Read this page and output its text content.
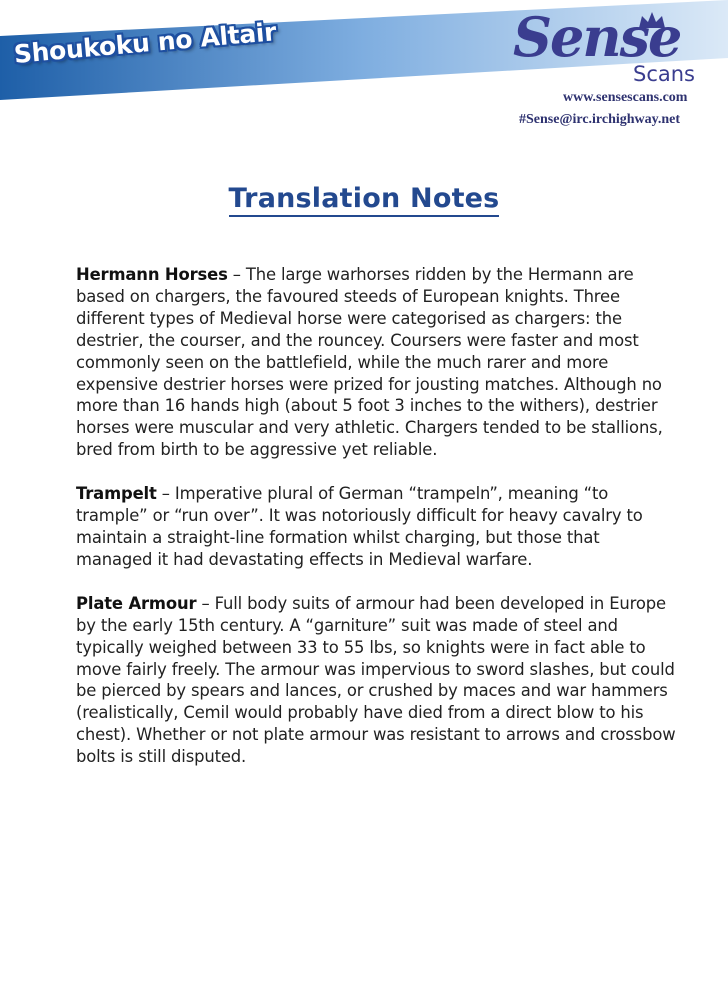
Shoukoku no Altair	Sense
Scans
www.sensescans.com
#Sense@irc.irchighway.net
Translation Notes

Hermann Horses – The large warhorses ridden by the Hermann are based on chargers, the favoured steeds of European knights. Three different types of Medieval horse were categorised as chargers: the destrier, the courser, and the rouncey. Coursers were faster and most commonly seen on the battlefield, while the much rarer and more expensive destrier horses were prized for jousting matches. Although no more than 16 hands high (about 5 foot 3 inches to the withers), destrier horses were muscular and very athletic. Chargers tended to be stallions, bred from birth to be aggressive yet reliable.

Trampelt – Imperative plural of German “trampeln”, meaning “to trample” or “run over”. It was notoriously difficult for heavy cavalry to maintain a straight-line formation whilst charging, but those that managed it had devastating effects in Medieval warfare.

Plate Armour – Full body suits of armour had been developed in Europe by the early 15th century. A “garniture” suit was made of steel and typically weighed between 33 to 55 lbs, so knights were in fact able to move fairly freely. The armour was impervious to sword slashes, but could be pierced by spears and lances, or crushed by maces and war hammers (realistically, Cemil would probably have died from a direct blow to his chest). Whether or not plate armour was resistant to arrows and crossbow bolts is still disputed.
